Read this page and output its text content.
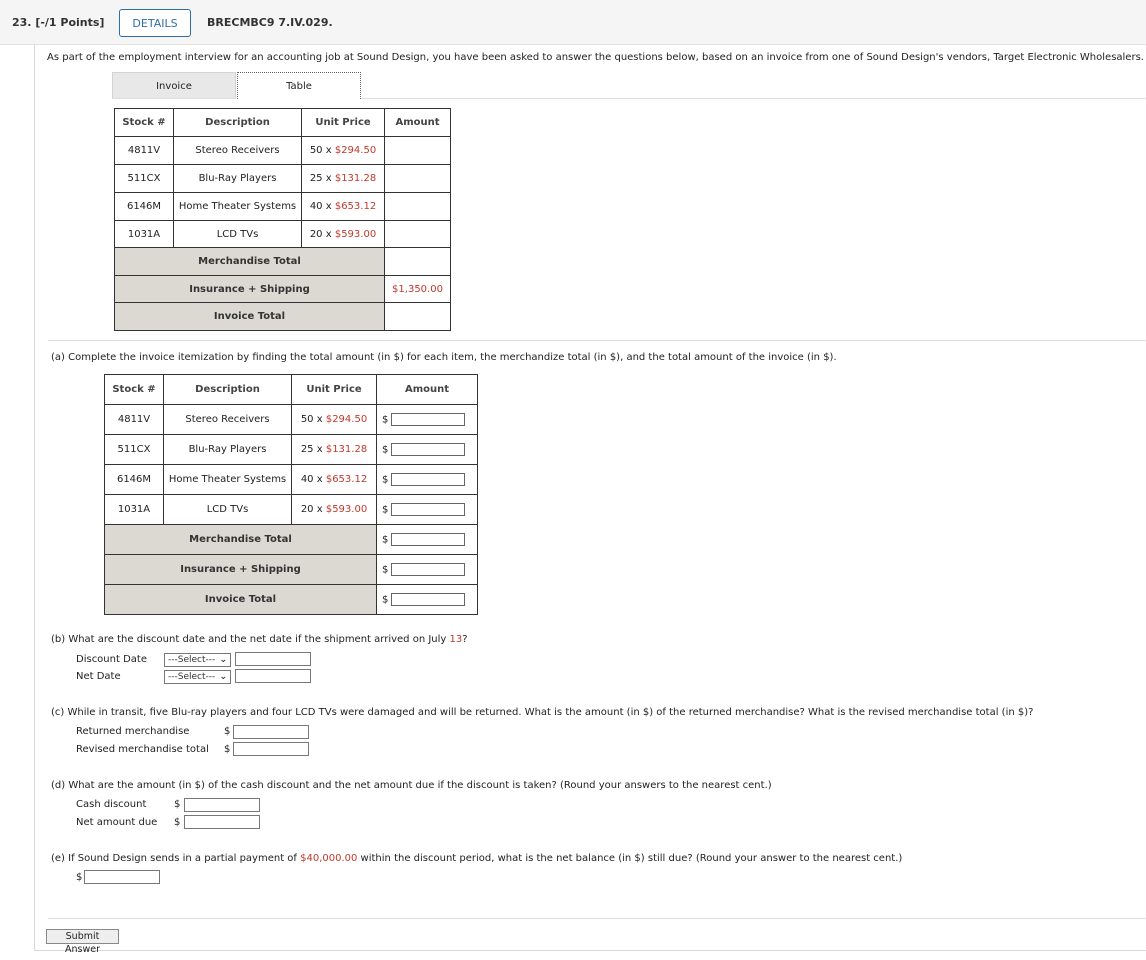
23. [-/1 Points]	DETAILS	BRECMBC9 7.IV.029.
As part of the employment interview for an accounting job at Sound Design, you have been asked to answer the questions below, based on an invoice from one of Sound Design's vendors, Target Electronic Wholesalers.
Invoice	Table
Stock #	Description	Unit Price	Amount
4811V	Stereo Receivers	50 x $294.50	
511CX	Blu-Ray Players	25 x $131.28	
6146M	Home Theater Systems	40 x $653.12	
1031A	LCD TVs	20 x $593.00	
Merchandise Total			
Insurance + Shipping			$1,350.00
Invoice Total			
(a) Complete the invoice itemization by finding the total amount (in $) for each item, the merchandize total (in $), and the total amount of the invoice (in $).
Stock #	Description	Unit Price	Amount
4811V	Stereo Receivers	50 x $294.50	$
511CX	Blu-Ray Players	25 x $131.28	$
6146M	Home Theater Systems	40 x $653.12	$
1031A	LCD TVs	20 x $593.00	$
Merchandise Total			$
Insurance + Shipping			$
Invoice Total			$
(b) What are the discount date and the net date if the shipment arrived on July 13?
Discount Date	---Select--- ⌄
Net Date	---Select--- ⌄
(c) While in transit, five Blu-ray players and four LCD TVs were damaged and will be returned. What is the amount (in $) of the returned merchandise? What is the revised merchandise total (in $)?
Returned merchandise	$
Revised merchandise total $
(d) What are the amount (in $) of the cash discount and the net amount due if the discount is taken? (Round your answers to the nearest cent.)
Cash discount	$
Net amount due $
(e) If Sound Design sends in a partial payment of $40,000.00 within the discount period, what is the net balance (in $) still due? (Round your answer to the nearest cent.)
$
Submit Answer
